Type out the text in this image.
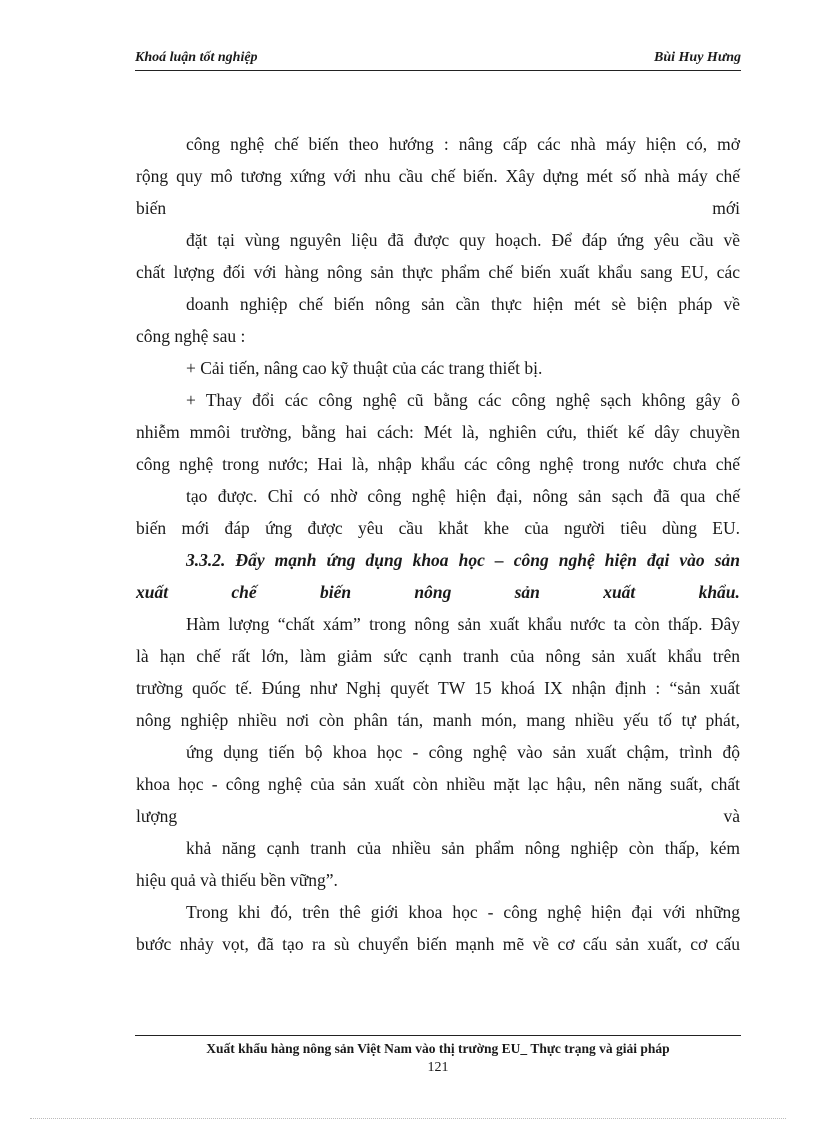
Khoá luận tốt nghiệp	Bùi Huy Hưng
công nghệ chế biến theo hướng : nâng cấp các nhà máy hiện có, mở
rộng quy mô tương xứng với nhu cầu chế biến. Xây dựng mét số nhà máy chế
biến	mới
đặt tại vùng nguyên liệu đã được quy hoạch. Để đáp ứng yêu cầu về
chất lượng đối với hàng nông sản thực phẩm chế biến xuất khẩu sang EU, các
doanh nghiệp chế biến nông sản cần thực hiện mét sè biện pháp về
công nghệ sau :
+ Cải tiến, nâng cao kỹ thuật của các trang thiết bị.
+ Thay đổi các công nghệ cũ bằng các công nghệ sạch không gây ô
nhiễm mmôi trường, bằng hai cách: Mét là, nghiên cứu, thiết kế dây chuyền
công nghệ trong nước; Hai là, nhập khẩu các công nghệ trong nước chưa chế
tạo được. Chỉ có nhờ công nghệ hiện đại, nông sản sạch đã qua chế
biến mới đáp ứng được yêu cầu khắt khe của người tiêu dùng EU.
3.3.2. Đẩy mạnh ứng dụng khoa học – công nghệ hiện đại vào sản
xuất	chế	biến	nông	sản	xuất	khẩu.
Hàm lượng “chất xám” trong nông sản xuất khẩu nước ta còn thấp. Đây
là hạn chế rất lớn, làm giảm sức cạnh tranh của nông sản xuất khẩu trên
trường quốc tế. Đúng như Nghị quyết TW 15 khoá IX nhận định : “sản xuất
nông nghiệp nhiều nơi còn phân tán, manh món, mang nhiều yếu tố tự phát,
ứng dụng tiến bộ khoa học - công nghệ vào sản xuất chậm, trình độ
khoa học - công nghệ của sản xuất còn nhiều mặt lạc hậu, nên năng suất, chất
lượng	và
khả năng cạnh tranh của nhiều sản phẩm nông nghiệp còn thấp, kém
hiệu quả và thiếu bền vững”.
Trong khi đó, trên thê giới khoa học - công nghệ hiện đại với những
bước nhảy vọt, đã tạo ra sù chuyển biến mạnh mẽ về cơ cấu sản xuất, cơ cấu
Xuất khẩu hàng nông sản Việt Nam vào thị trường EU_ Thực trạng và giải pháp
121
